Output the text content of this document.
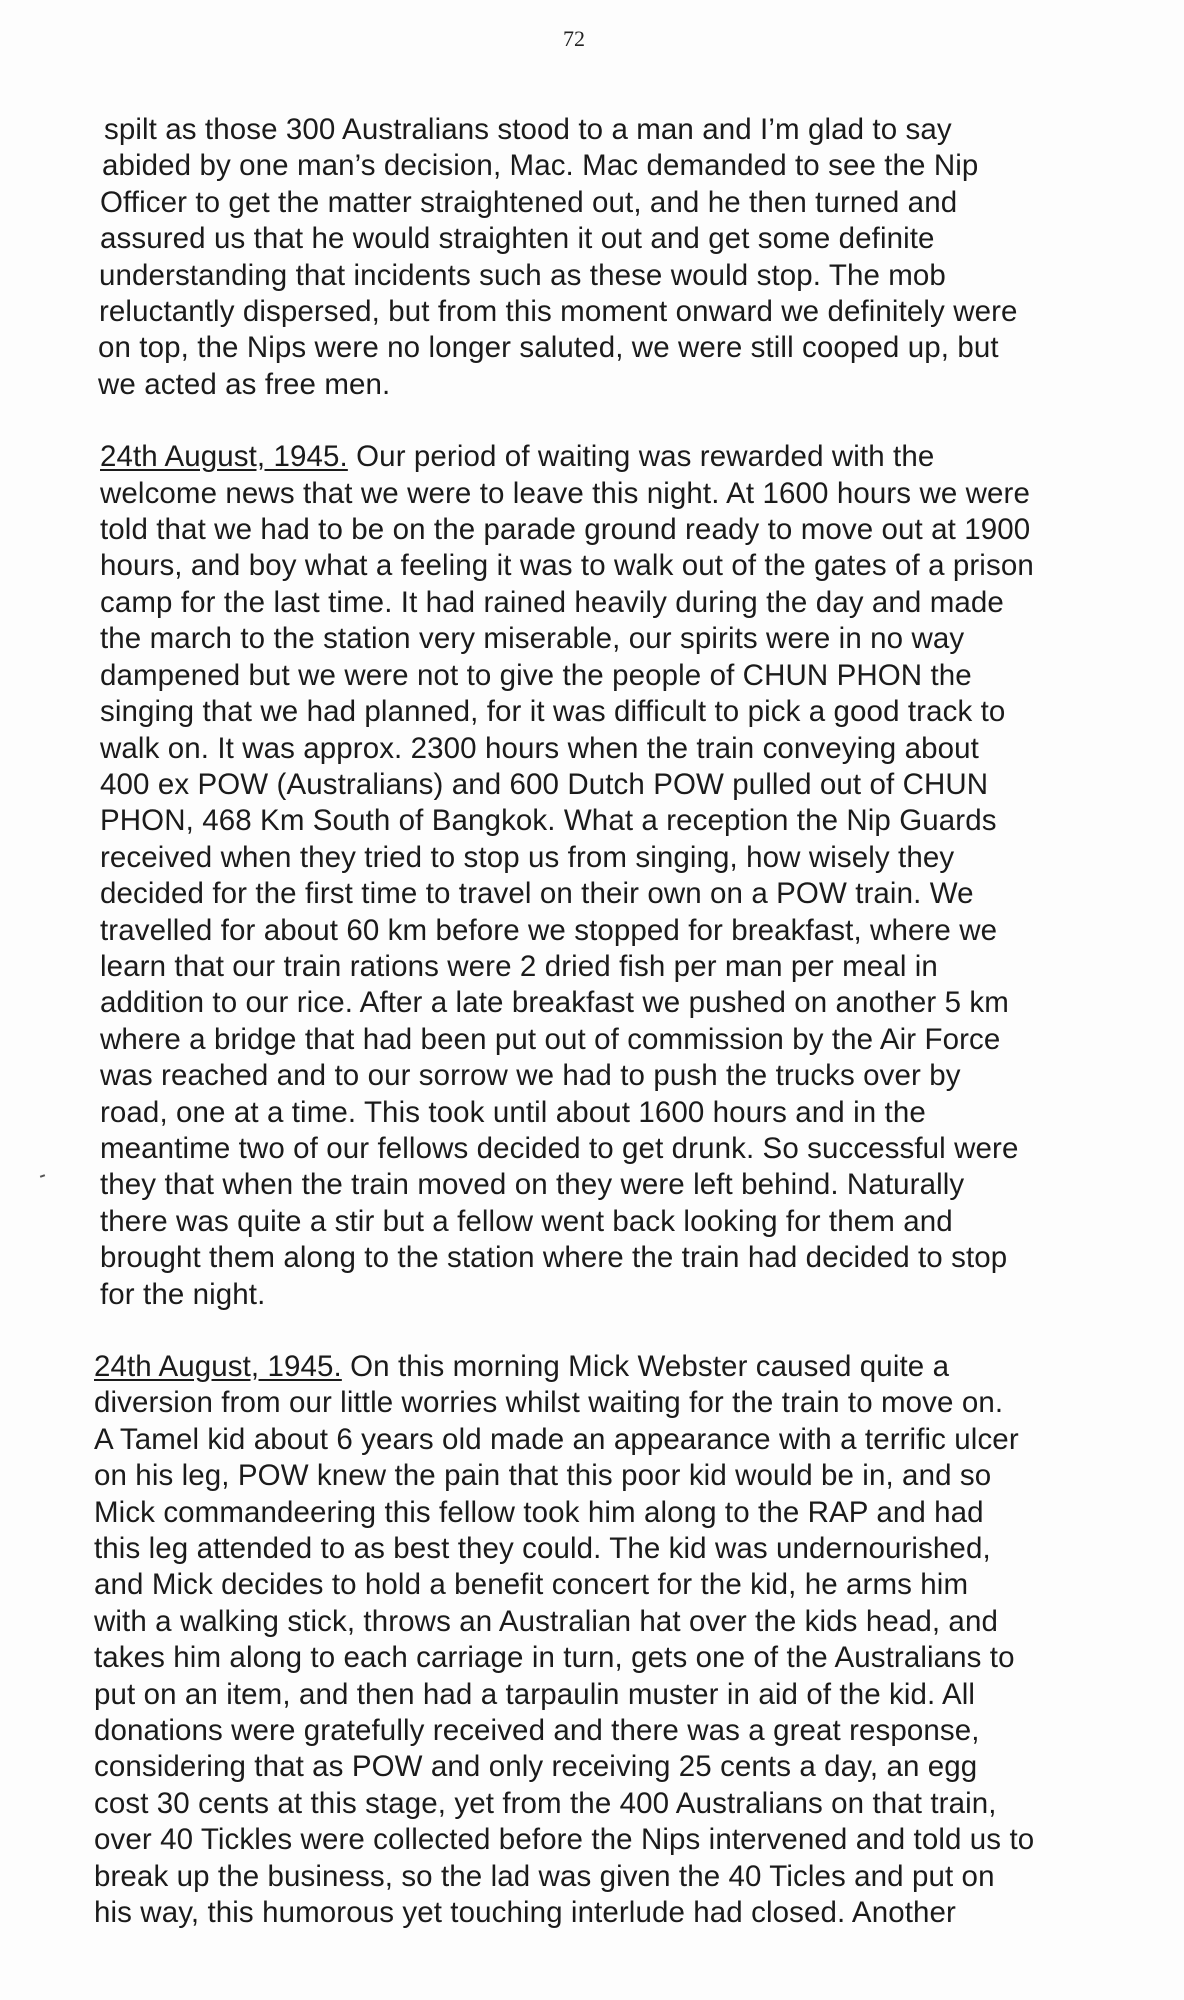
72
spilt as those 300 Australians stood to a man and I’m glad to say
abided by one man’s decision, Mac. Mac demanded to see the Nip
Officer to get the matter straightened out, and he then turned and
assured us that he would straighten it out and get some definite
understanding that incidents such as these would stop. The mob
reluctantly dispersed, but from this moment onward we definitely were
on top, the Nips were no longer saluted, we were still cooped up, but
we acted as free men.
24th August, 1945. Our period of waiting was rewarded with the
welcome news that we were to leave this night. At 1600 hours we were
told that we had to be on the parade ground ready to move out at 1900
hours, and boy what a feeling it was to walk out of the gates of a prison
camp for the last time. It had rained heavily during the day and made
the march to the station very miserable, our spirits were in no way
dampened but we were not to give the people of CHUN PHON the
singing that we had planned, for it was difficult to pick a good track to
walk on. It was approx. 2300 hours when the train conveying about
400 ex POW (Australians) and 600 Dutch POW pulled out of CHUN
PHON, 468 Km South of Bangkok. What a reception the Nip Guards
received when they tried to stop us from singing, how wisely they
decided for the first time to travel on their own on a POW train. We
travelled for about 60 km before we stopped for breakfast, where we
learn that our train rations were 2 dried fish per man per meal in
addition to our rice. After a late breakfast we pushed on another 5 km
where a bridge that had been put out of commission by the Air Force
was reached and to our sorrow we had to push the trucks over by
road, one at a time. This took until about 1600 hours and in the
meantime two of our fellows decided to get drunk. So successful were
they that when the train moved on they were left behind. Naturally
there was quite a stir but a fellow went back looking for them and
brought them along to the station where the train had decided to stop
for the night.
24th August, 1945. On this morning Mick Webster caused quite a
diversion from our little worries whilst waiting for the train to move on.
A Tamel kid about 6 years old made an appearance with a terrific ulcer
on his leg, POW knew the pain that this poor kid would be in, and so
Mick commandeering this fellow took him along to the RAP and had
this leg attended to as best they could. The kid was undernourished,
and Mick decides to hold a benefit concert for the kid, he arms him
with a walking stick, throws an Australian hat over the kids head, and
takes him along to each carriage in turn, gets one of the Australians to
put on an item, and then had a tarpaulin muster in aid of the kid. All
donations were gratefully received and there was a great response,
considering that as POW and only receiving 25 cents a day, an egg
cost 30 cents at this stage, yet from the 400 Australians on that train,
over 40 Tickles were collected before the Nips intervened and told us to
break up the business, so the lad was given the 40 Ticles and put on
his way, this humorous yet touching interlude had closed. Another
